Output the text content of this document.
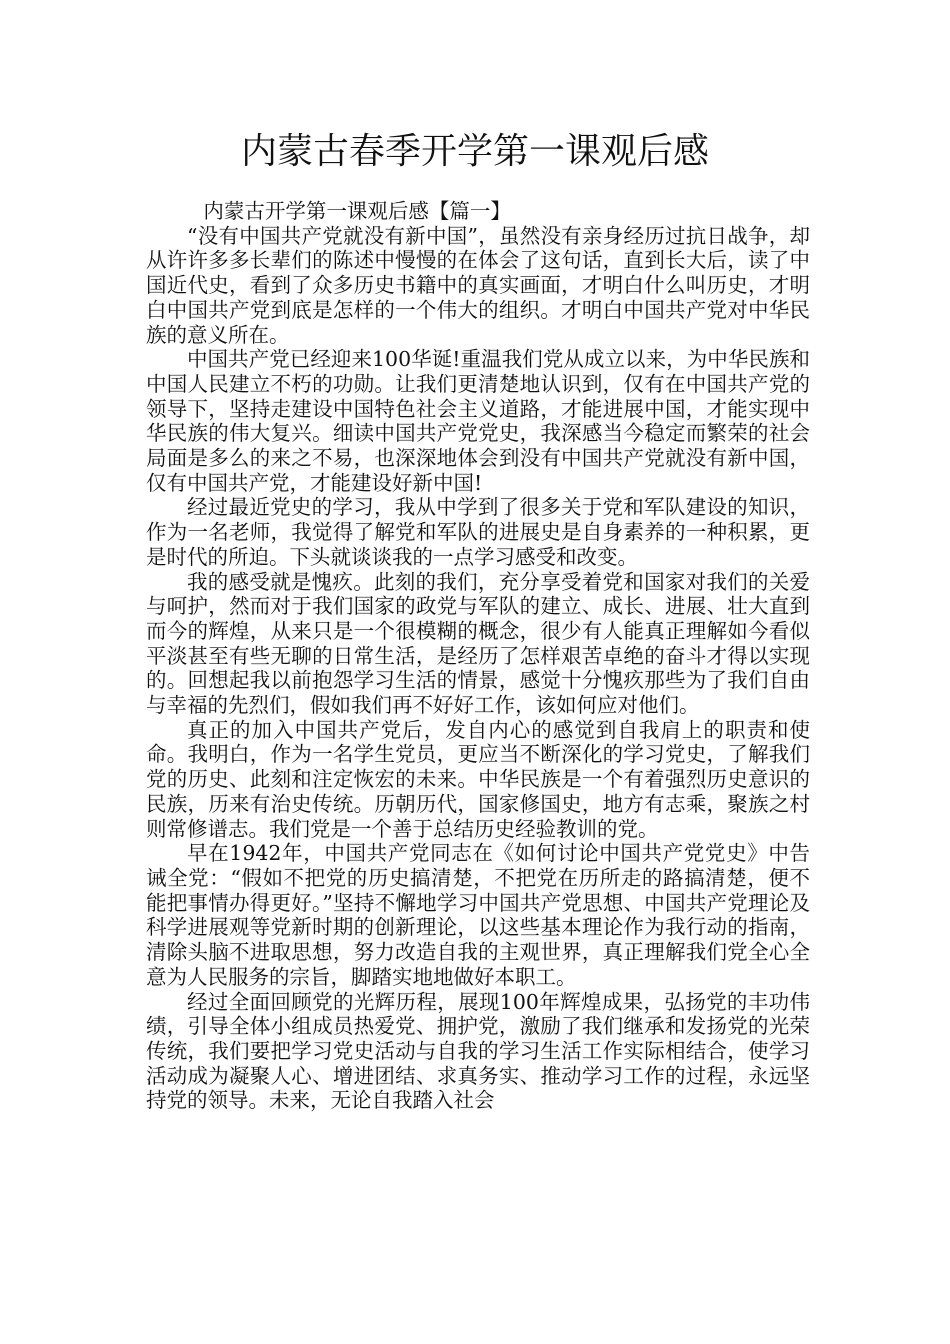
内蒙古春季开学第一课观后感

内蒙古开学第一课观后感【篇一】

“没有中国共产党就没有新中国”，虽然没有亲身经历过抗日战争，却从许许多多长辈们的陈述中慢慢的在体会了这句话，直到长大后，读了中国近代史，看到了众多历史书籍中的真实画面，才明白什么叫历史，才明白中国共产党到底是怎样的一个伟大的组织。才明白中国共产党对中华民族的意义所在。

中国共产党已经迎来100华诞!重温我们党从成立以来，为中华民族和中国人民建立不朽的功勋。让我们更清楚地认识到，仅有在中国共产党的领导下，坚持走建设中国特色社会主义道路，才能进展中国，才能实现中华民族的伟大复兴。细读中国共产党党史，我深感当今稳定而繁荣的社会局面是多么的来之不易，也深深地体会到没有中国共产党就没有新中国，仅有中国共产党，才能建设好新中国!

经过最近党史的学习，我从中学到了很多关于党和军队建设的知识，作为一名老师，我觉得了解党和军队的进展史是自身素养的一种积累，更是时代的所迫。下头就谈谈我的一点学习感受和改变。

我的感受就是愧疚。此刻的我们，充分享受着党和国家对我们的关爱与呵护，然而对于我们国家的政党与军队的建立、成长、进展、壮大直到而今的辉煌，从来只是一个很模糊的概念，很少有人能真正理解如今看似平淡甚至有些无聊的日常生活，是经历了怎样艰苦卓绝的奋斗才得以实现的。回想起我以前抱怨学习生活的情景，感觉十分愧疚那些为了我们自由与幸福的先烈们，假如我们再不好好工作，该如何应对他们。

真正的加入中国共产党后，发自内心的感觉到自我肩上的职责和使命。我明白，作为一名学生党员，更应当不断深化的学习党史，了解我们党的历史、此刻和注定恢宏的未来。中华民族是一个有着强烈历史意识的民族，历来有治史传统。历朝历代，国家修国史，地方有志乘，聚族之村则常修谱志。我们党是一个善于总结历史经验教训的党。

早在1942年，中国共产党同志在《如何讨论中国共产党党史》中告诫全党：“假如不把党的历史搞清楚，不把党在历所走的路搞清楚，便不能把事情办得更好。”坚持不懈地学习中国共产党思想、中国共产党理论及科学进展观等党新时期的创新理论，以这些基本理论作为我行动的指南，清除头脑不进取思想，努力改造自我的主观世界，真正理解我们党全心全意为人民服务的宗旨，脚踏实地地做好本职工。

经过全面回顾党的光辉历程，展现100年辉煌成果，弘扬党的丰功伟绩，引导全体小组成员热爱党、拥护党，激励了我们继承和发扬党的光荣传统，我们要把学习党史活动与自我的学习生活工作实际相结合，使学习活动成为凝聚人心、增进团结、求真务实、推动学习工作的过程，永远坚持党的领导。未来，无论自我踏入社会
